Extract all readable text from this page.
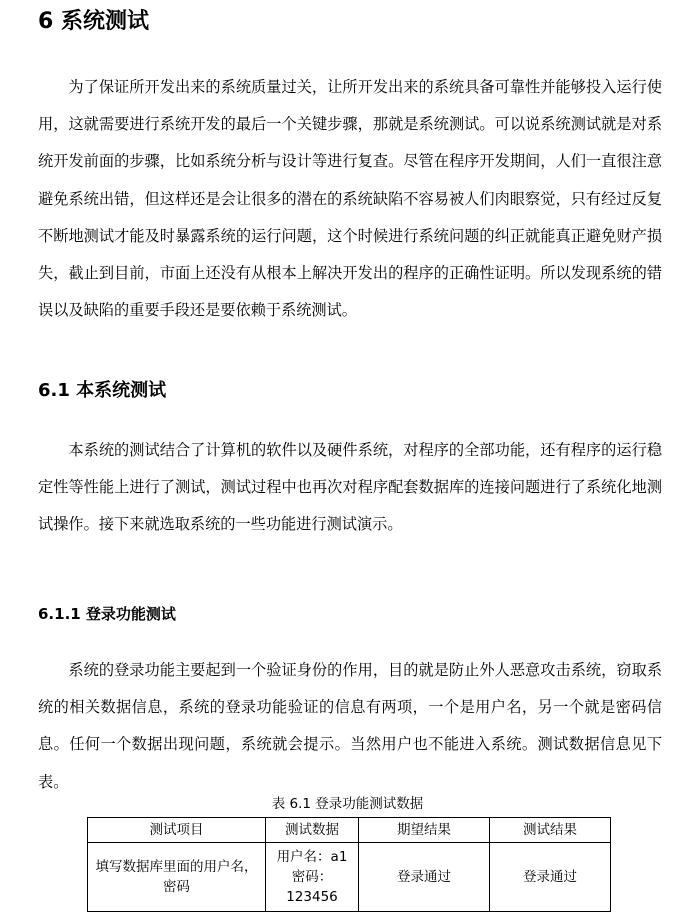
6 系统测试

为了保证所开发出来的系统质量过关，让所开发出来的系统具备可靠性并能够投入运行使用，这就需要进行系统开发的最后一个关键步骤，那就是系统测试。可以说系统测试就是对系统开发前面的步骤，比如系统分析与设计等进行复查。尽管在程序开发期间，人们一直很注意避免系统出错，但这样还是会让很多的潜在的系统缺陷不容易被人们肉眼察觉，只有经过反复不断地测试才能及时暴露系统的运行问题，这个时候进行系统问题的纠正就能真正避免财产损失，截止到目前，市面上还没有从根本上解决开发出的程序的正确性证明。所以发现系统的错误以及缺陷的重要手段还是要依赖于系统测试。

6.1 本系统测试

本系统的测试结合了计算机的软件以及硬件系统，对程序的全部功能，还有程序的运行稳定性等性能上进行了测试，测试过程中也再次对程序配套数据库的连接问题进行了系统化地测试操作。接下来就选取系统的一些功能进行测试演示。

6.1.1 登录功能测试

系统的登录功能主要起到一个验证身份的作用，目的就是防止外人恶意攻击系统，窃取系统的相关数据信息，系统的登录功能验证的信息有两项，一个是用户名，另一个就是密码信息。任何一个数据出现问题，系统就会提示。当然用户也不能进入系统。测试数据信息见下表。

表 6.1 登录功能测试数据
测试项目	测试数据	期望结果	测试结果
填写数据库里面的用户名，密码	用户名：a1
密码：
123456	登录通过	登录通过
